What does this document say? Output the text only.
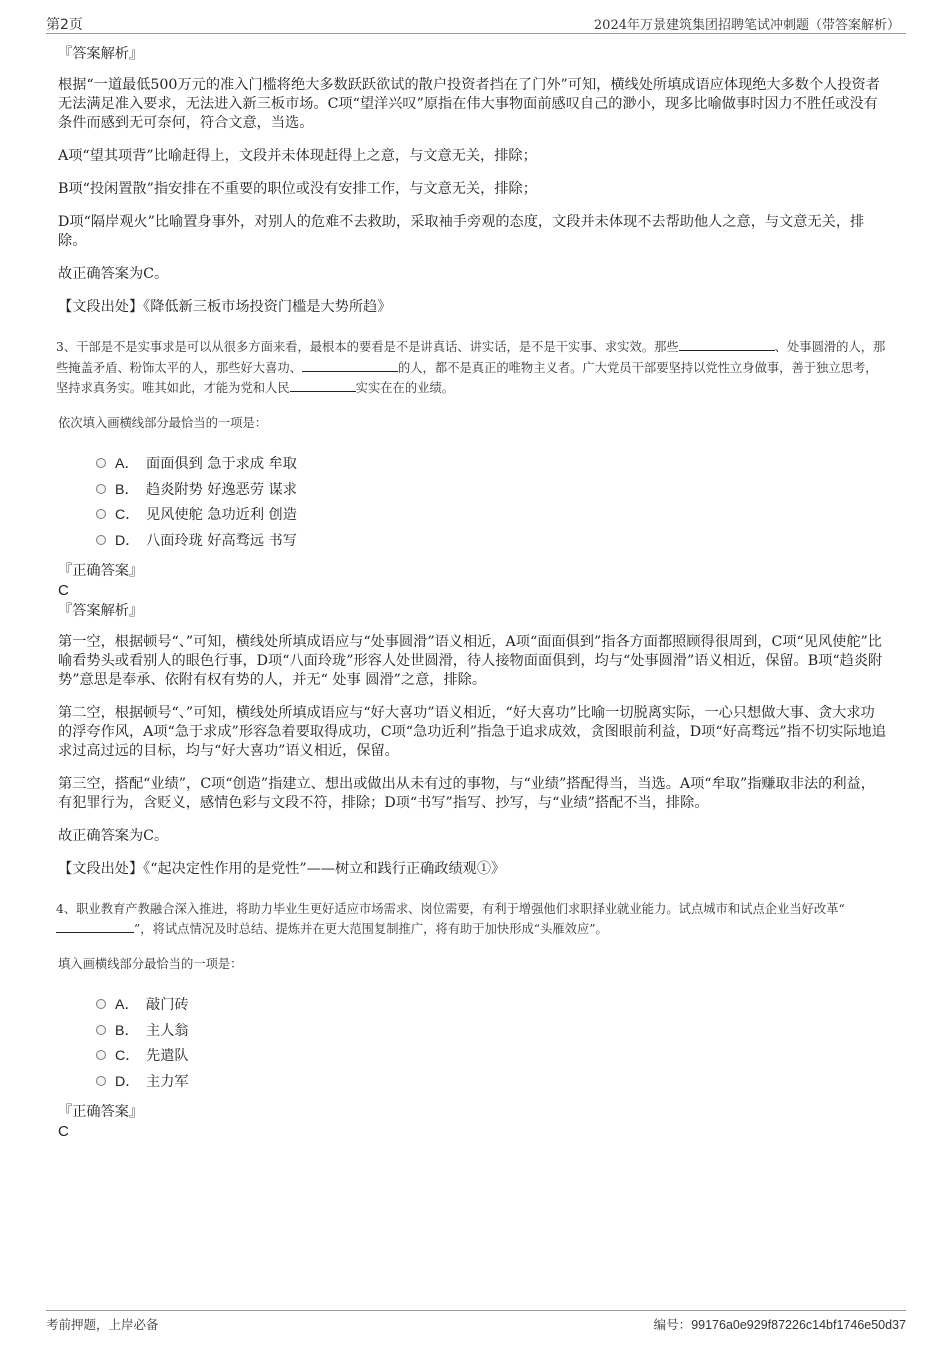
第2页	2024年万景建筑集团招聘笔试冲刺题（带答案解析）
『答案解析』
根据“一道最低500万元的准入门槛将绝大多数跃跃欲试的散户投资者挡在了门外”可知，横线处所填成语应体现绝大多数个人投资者无法满足准入要求，无法进入新三板市场。C项“望洋兴叹”原指在伟大事物面前感叹自己的渺小，现多比喻做事时因力不胜任或没有条件而感到无可奈何，符合文意，当选。
A项“望其项背”比喻赶得上，文段并未体现赶得上之意，与文意无关，排除；
B项“投闲置散”指安排在不重要的职位或没有安排工作，与文意无关，排除；
D项“隔岸观火”比喻置身事外，对别人的危难不去救助，采取袖手旁观的态度，文段并未体现不去帮助他人之意，与文意无关，排除。
故正确答案为C。
【文段出处】《降低新三板市场投资门槛是大势所趋》
3、干部是不是实事求是可以从很多方面来看，最根本的要看是不是讲真话、讲实话，是不是干实事、求实效。那些	、处事圆滑的人，那些掩盖矛盾、粉饰太平的人，那些好大喜功、	的人，都不是真正的唯物主义者。广大党员干部要坚持以党性立身做事，善于独立思考，坚持求真务实。唯其如此，才能为党和人民	实实在在的业绩。
依次填入画横线部分最恰当的一项是：
A． 面面俱到 急于求成 牟取
B． 趋炎附势 好逸恶劳 谋求
C． 见风使舵 急功近利 创造
D． 八面玲珑 好高骛远 书写
『正确答案』
C
『答案解析』
第一空，根据顿号“、”可知，横线处所填成语应与“处事圆滑”语义相近，A项“面面俱到”指各方面都照顾得很周到，C项“见风使舵”比喻看势头或看别人的眼色行事，D项“八面玲珑”形容人处世圆滑，待人接物面面俱到，均与“处事圆滑”语义相近，保留。B项“趋炎附势”意思是奉承、依附有权有势的人，并无“ 处事 圆滑”之意，排除。
第二空，根据顿号“、”可知，横线处所填成语应与“好大喜功”语义相近，“好大喜功”比喻一切脱离实际，一心只想做大事、贪大求功的浮夸作风，A项“急于求成”形容急着要取得成功，C项“急功近利”指急于追求成效，贪图眼前利益，D项“好高骛远”指不切实际地追求过高过远的目标，均与“好大喜功”语义相近，保留。
第三空，搭配“业绩”，C项“创造”指建立、想出或做出从未有过的事物，与“业绩”搭配得当，当选。A项“牟取”指赚取非法的利益，有犯罪行为，含贬义，感情色彩与文段不符，排除；D项“书写”指写、抄写，与“业绩”搭配不当，排除。
故正确答案为C。
【文段出处】《“起决定性作用的是党性”——树立和践行正确政绩观①》
4、职业教育产教融合深入推进，将助力毕业生更好适应市场需求、岗位需要，有利于增强他们求职择业就业能力。试点城市和试点企业当好改革“”，将试点情况及时总结、提炼并在更大范围复制推广，将有助于加快形成“头雁效应”。
填入画横线部分最恰当的一项是：
A． 敲门砖
B． 主人翁
C． 先遣队
D． 主力军
『正确答案』
C
考前押题，上岸必备	编号：99176a0e929f87226c14bf1746e50d37
